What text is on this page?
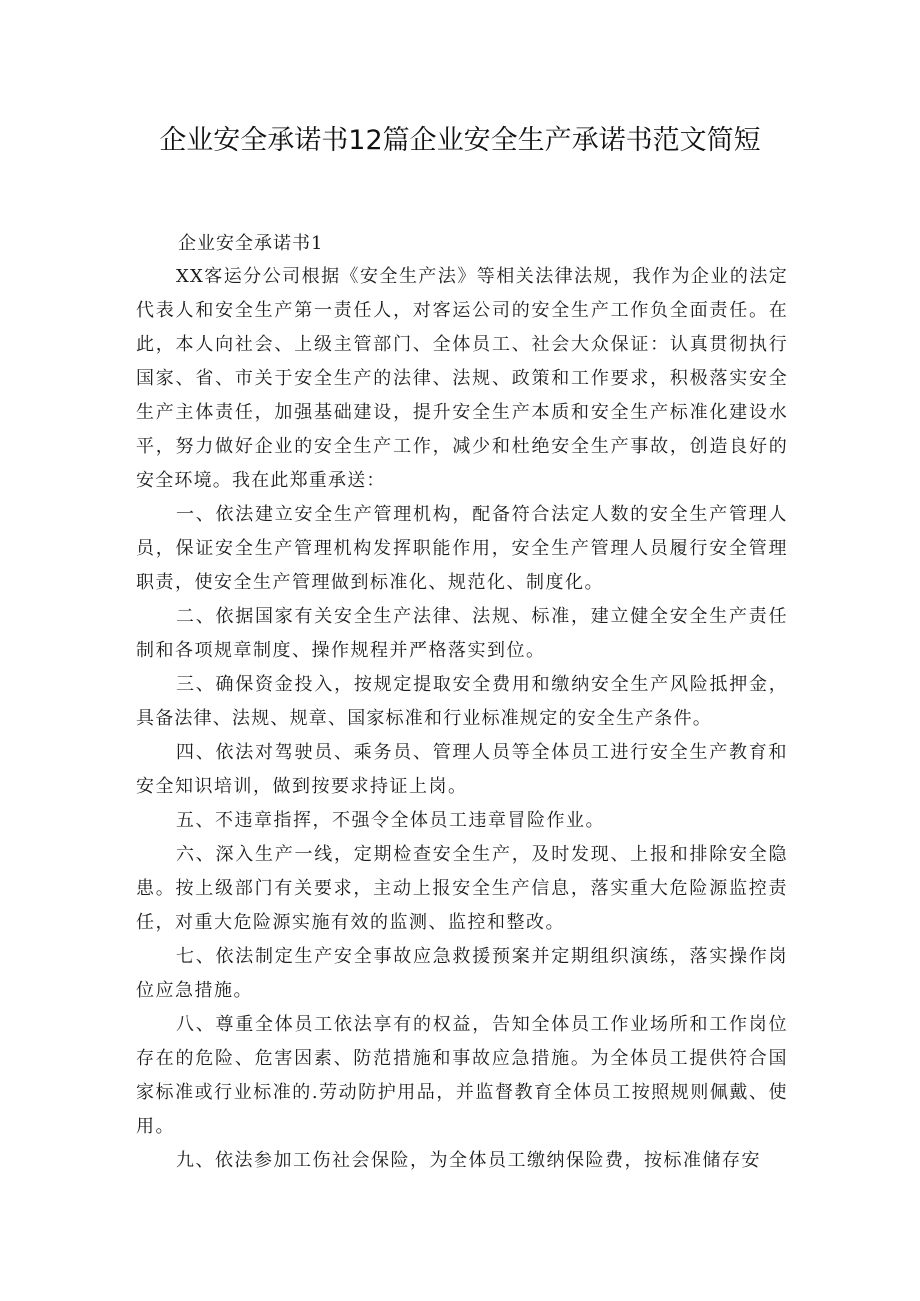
企业安全承诺书12篇企业安全生产承诺书范文简短

企业安全承诺书1

XX客运分公司根据《安全生产法》等相关法律法规，我作为企业的法定代表人和安全生产第一责任人，对客运公司的安全生产工作负全面责任。在此，本人向社会、上级主管部门、全体员工、社会大众保证：认真贯彻执行国家、省、市关于安全生产的法律、法规、政策和工作要求，积极落实安全生产主体责任，加强基础建设，提升安全生产本质和安全生产标准化建设水平，努力做好企业的安全生产工作，减少和杜绝安全生产事故，创造良好的安全环境。我在此郑重承送：

一、依法建立安全生产管理机构，配备符合法定人数的安全生产管理人员，保证安全生产管理机构发挥职能作用，安全生产管理人员履行安全管理职责，使安全生产管理做到标准化、规范化、制度化。

二、依据国家有关安全生产法律、法规、标准，建立健全安全生产责任制和各项规章制度、操作规程并严格落实到位。

三、确保资金投入，按规定提取安全费用和缴纳安全生产风险抵押金，具备法律、法规、规章、国家标准和行业标准规定的安全生产条件。

四、依法对驾驶员、乘务员、管理人员等全体员工进行安全生产教育和安全知识培训，做到按要求持证上岗。

五、不违章指挥，不强令全体员工违章冒险作业。

六、深入生产一线，定期检查安全生产，及时发现、上报和排除安全隐患。按上级部门有关要求，主动上报安全生产信息，落实重大危险源监控责任，对重大危险源实施有效的监测、监控和整改。

七、依法制定生产安全事故应急救援预案并定期组织演练，落实操作岗位应急措施。

八、尊重全体员工依法享有的权益，告知全体员工作业场所和工作岗位存在的危险、危害因素、防范措施和事故应急措施。为全体员工提供符合国家标准或行业标准的.劳动防护用品，并监督教育全体员工按照规则佩戴、使用。

九、依法参加工伤社会保险，为全体员工缴纳保险费，按标准储存安
